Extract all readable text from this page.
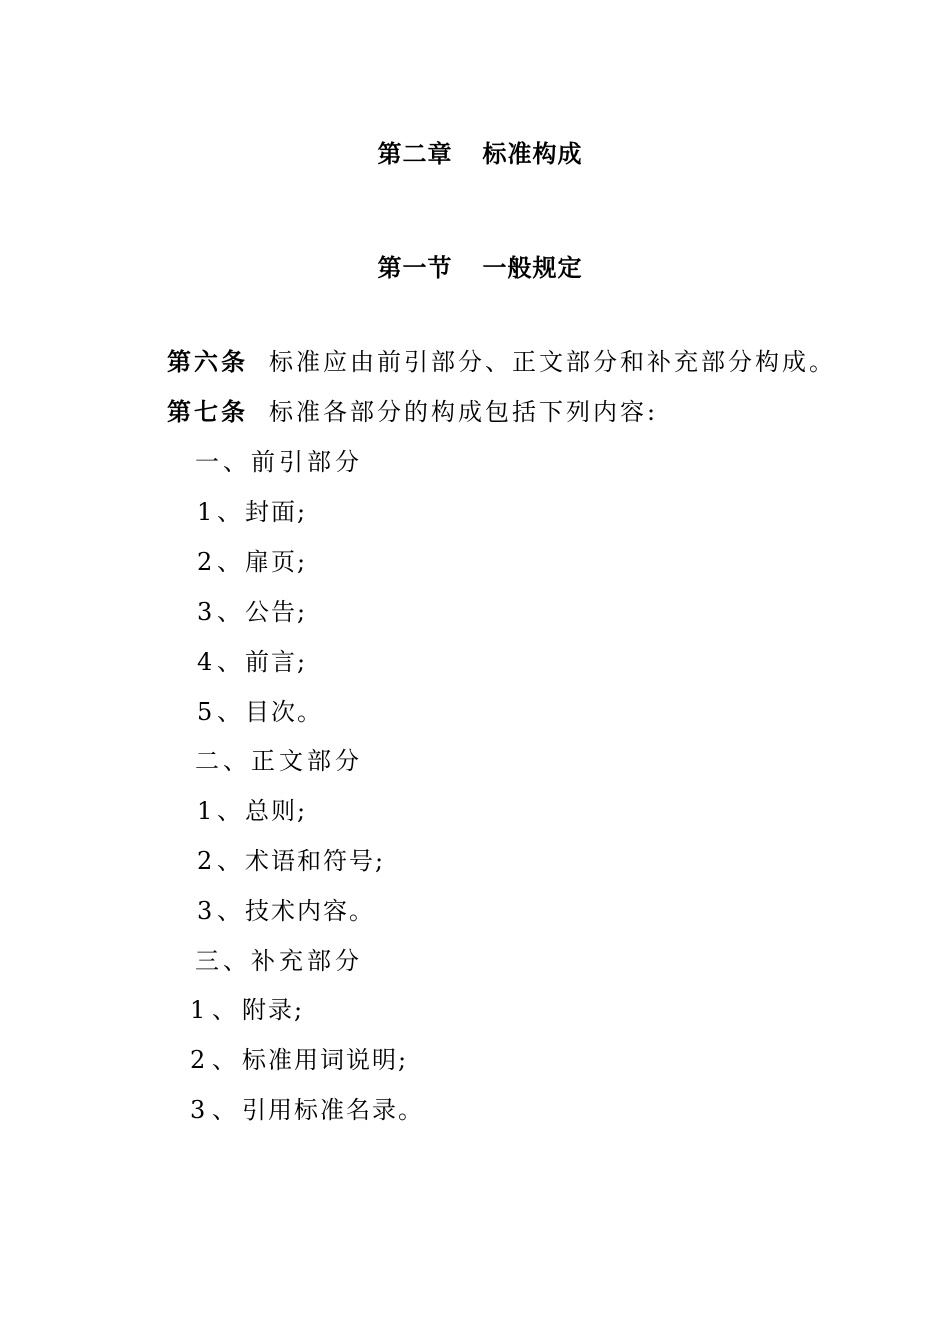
第二章 标准构成
第一节 一般规定
第六条 标准应由前引部分、正文部分和补充部分构成。
第七条 标准各部分的构成包括下列内容:
一、前引部分
1 、封面;
2 、扉页;
3 、公告;
4 、前言;
5 、目次。
二、正文部分
1 、总则;
2 、术语和符号;
3 、技术内容。
三、补充部分
1 、 附录;
2 、 标准用词说明;
3 、 引用标准名录。
